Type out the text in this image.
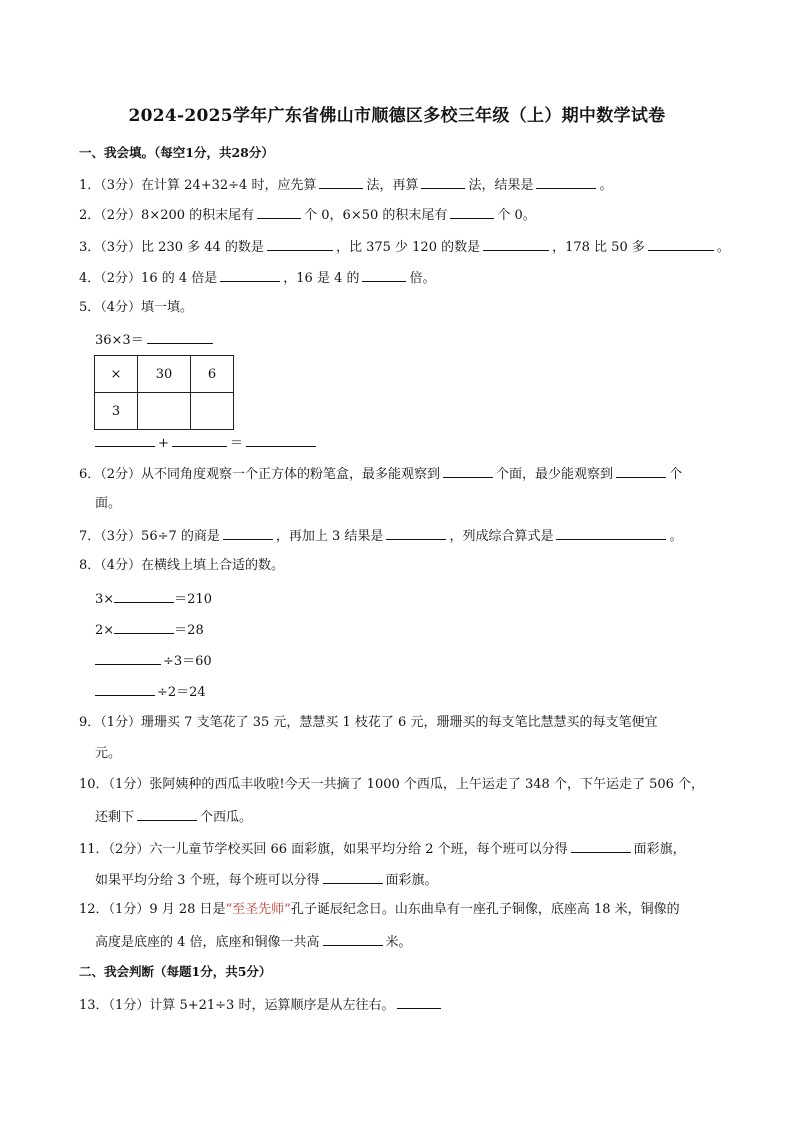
2024-2025学年广东省佛山市顺德区多校三年级（上）期中数学试卷
一、我会填。（每空1分，共28分）
1．（3分）在计算 24+32÷4 时，应先算	法，再算	法，结果是	。
2．（2分）8×200 的积末尾有	个 0，6×50 的积末尾有	个 0。
3．（3分）比 230 多 44 的数是	，比 375 少 120 的数是	，178 比 50 多	。
4．（2分）16 的 4 倍是	，16 是 4 的	倍。
5．（4分）填一填。
36×3＝
×	30	6
3		
+	＝
6．（2分）从不同角度观察一个正方体的粉笔盒，最多能观察到	个面，最少能观察到	个
面。
7．（3分）56÷7 的商是	，再加上 3 结果是	，列成综合算式是	。
8．（4分）在横线上填上合适的数。
3×	＝210
2×	＝28
÷3＝60
÷2＝24
9．（1分）珊珊买 7 支笔花了 35 元，慧慧买 1 枝花了 6 元，珊珊买的每支笔比慧慧买的每支笔便宜
元。
10．（1分）张阿姨种的西瓜丰收啦!今天一共摘了 1000 个西瓜，上午运走了 348 个，下午运走了 506 个，
还剩下	个西瓜。
11．（2分）六一儿童节学校买回 66 面彩旗，如果平均分给 2 个班，每个班可以分得	面彩旗，
如果平均分给 3 个班，每个班可以分得	面彩旗。
12．（1分）9 月 28 日是“至圣先师”孔子诞辰纪念日。山东曲阜有一座孔子铜像，底座高 18 米，铜像的
高度是底座的 4 倍，底座和铜像一共高	米。
二、我会判断（每题1分，共5分）
13．（1分）计算 5+21÷3 时，运算顺序是从左往右。
